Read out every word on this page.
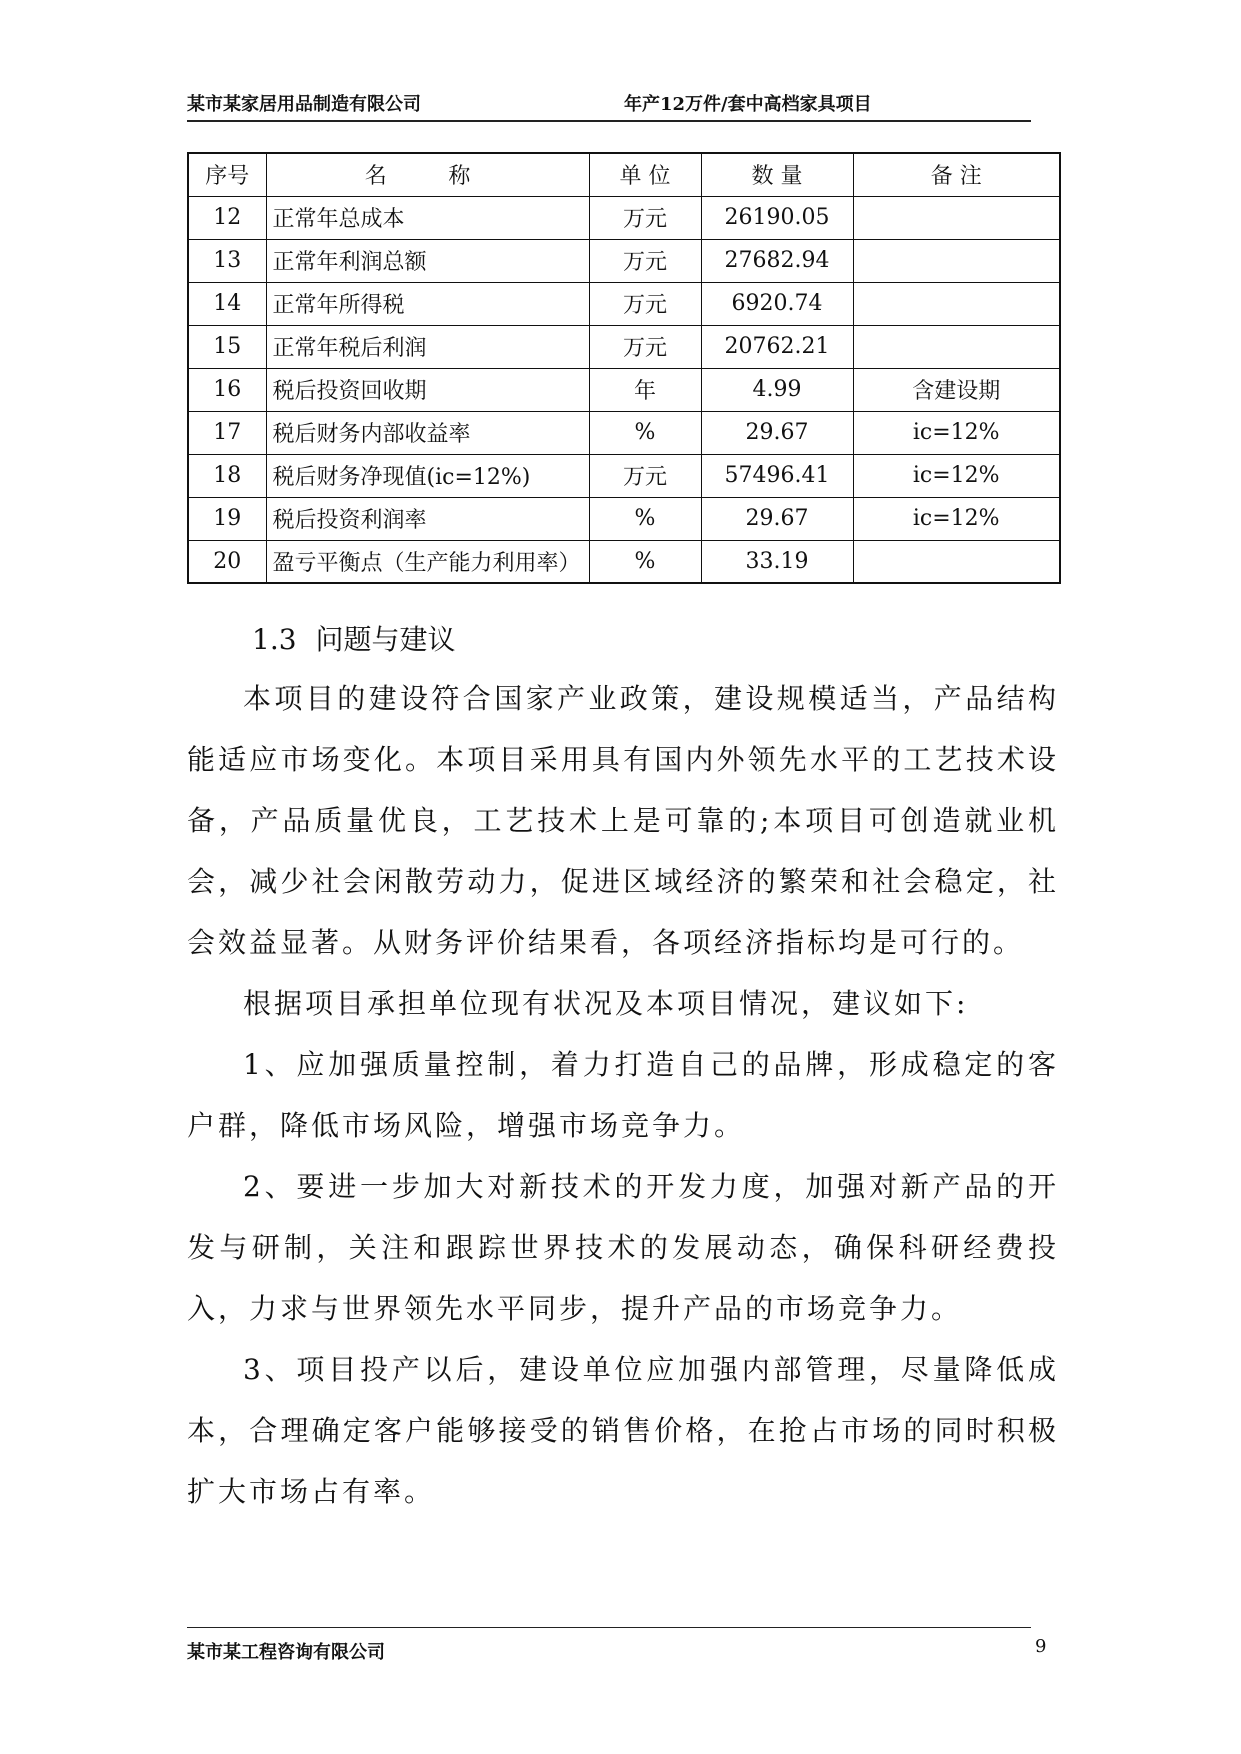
某市某家居用品制造有限公司	年产12万件/套中高档家具项目
序号	名　称	单 位	数 量	备 注
12	正常年总成本	万元	26190.05	
13	正常年利润总额	万元	27682.94	
14	正常年所得税	万元	6920.74	
15	正常年税后利润	万元	20762.21	
16	税后投资回收期	年	4.99	含建设期
17	税后财务内部收益率	%	29.67	ic=12%
18	税后财务净现值(ic=12%)	万元	57496.41	ic=12%
19	税后投资利润率	%	29.67	ic=12%
20	盈亏平衡点（生产能力利用率）	%	33.19	
1.3 问题与建议

本项目的建设符合国家产业政策，建设规模适当，产品结构能适应市场变化。本项目采用具有国内外领先水平的工艺技术设备，产品质量优良，工艺技术上是可靠的;本项目可创造就业机会，减少社会闲散劳动力，促进区域经济的繁荣和社会稳定，社会效益显著。从财务评价结果看，各项经济指标均是可行的。

根据项目承担单位现有状况及本项目情况，建议如下:

1、应加强质量控制，着力打造自己的品牌，形成稳定的客户群，降低市场风险，增强市场竞争力。

2、要进一步加大对新技术的开发力度，加强对新产品的开发与研制，关注和跟踪世界技术的发展动态，确保科研经费投入，力求与世界领先水平同步，提升产品的市场竞争力。

3、项目投产以后，建设单位应加强内部管理，尽量降低成本，合理确定客户能够接受的销售价格，在抢占市场的同时积极扩大市场占有率。

某市某工程咨询有限公司	9
